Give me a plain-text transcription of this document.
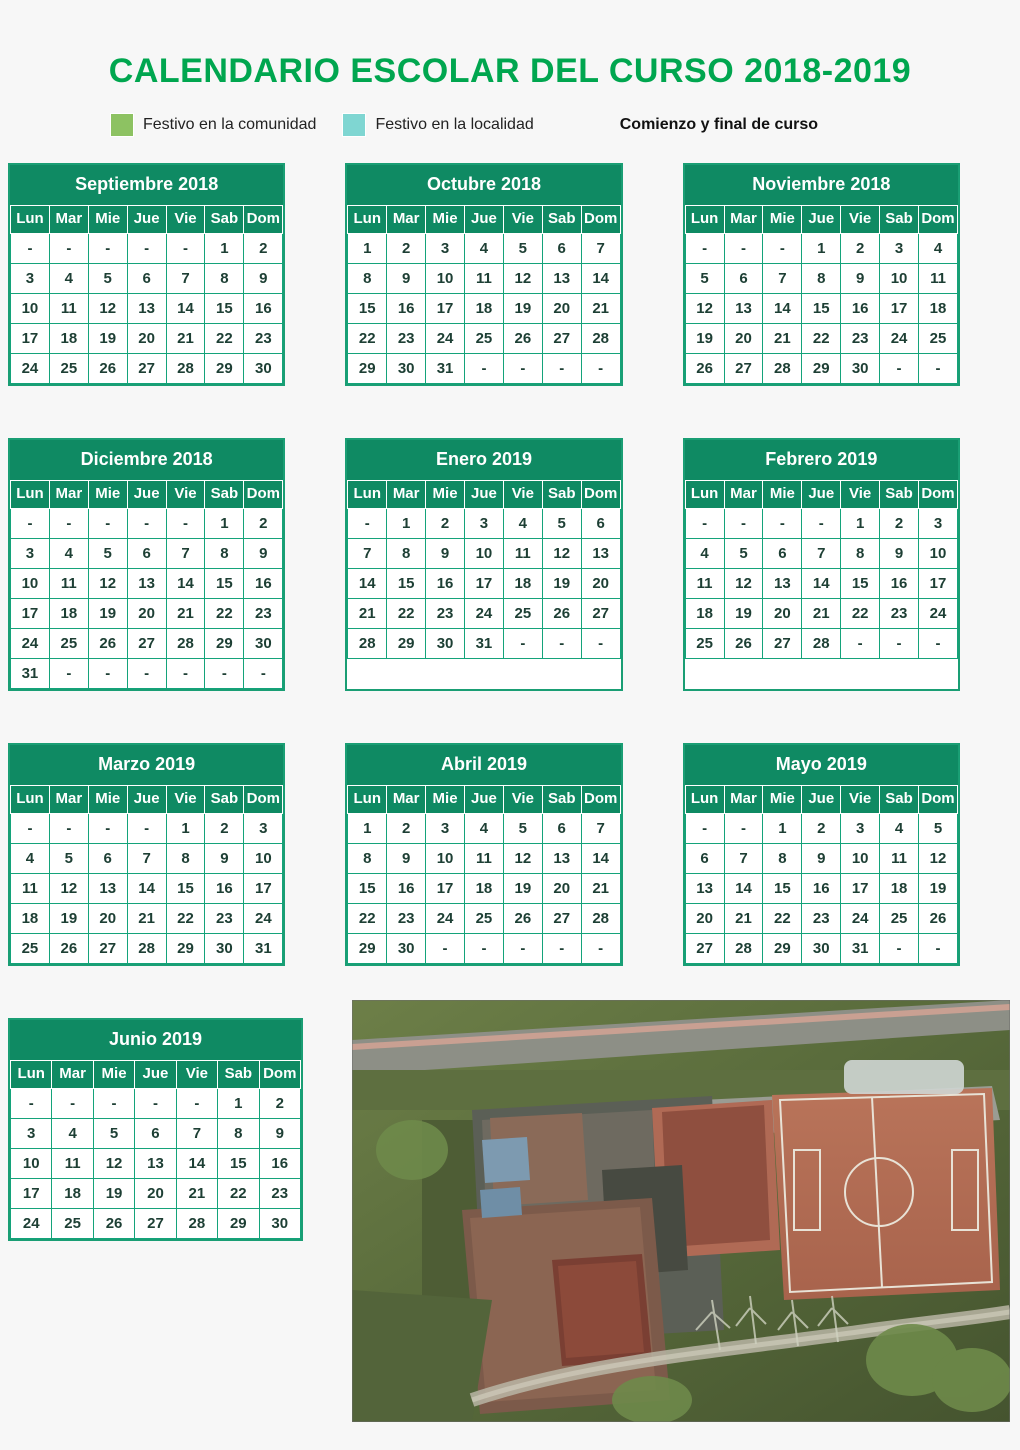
CALENDARIO ESCOLAR DEL CURSO 2018-2019
Festivo en la comunidad	Festivo en la localidad	Comienzo y final de curso
Septiembre 2018
Lun	Mar	Mie	Jue	Vie	Sab	Dom
-	-	-	-	-	1	2
3	4	5	6	7	8	9
10	11	12	13	14	15	16
17	18	19	20	21	22	23
24	25	26	27	28	29	30
Octubre 2018
Lun	Mar	Mie	Jue	Vie	Sab	Dom
1	2	3	4	5	6	7
8	9	10	11	12	13	14
15	16	17	18	19	20	21
22	23	24	25	26	27	28
29	30	31	-	-	-	-
Noviembre 2018
Lun	Mar	Mie	Jue	Vie	Sab	Dom
-	-	-	1	2	3	4
5	6	7	8	9	10	11
12	13	14	15	16	17	18
19	20	21	22	23	24	25
26	27	28	29	30	-	-
Diciembre 2018
Lun	Mar	Mie	Jue	Vie	Sab	Dom
-	-	-	-	-	1	2
3	4	5	6	7	8	9
10	11	12	13	14	15	16
17	18	19	20	21	22	23
24	25	26	27	28	29	30
31	-	-	-	-	-	-
Enero 2019
Lun	Mar	Mie	Jue	Vie	Sab	Dom
-	1	2	3	4	5	6
7	8	9	10	11	12	13
14	15	16	17	18	19	20
21	22	23	24	25	26	27
28	29	30	31	-	-	-
Febrero 2019
Lun	Mar	Mie	Jue	Vie	Sab	Dom
-	-	-	-	1	2	3
4	5	6	7	8	9	10
11	12	13	14	15	16	17
18	19	20	21	22	23	24
25	26	27	28	-	-	-
Marzo 2019
Lun	Mar	Mie	Jue	Vie	Sab	Dom
-	-	-	-	1	2	3
4	5	6	7	8	9	10
11	12	13	14	15	16	17
18	19	20	21	22	23	24
25	26	27	28	29	30	31
Abril 2019
Lun	Mar	Mie	Jue	Vie	Sab	Dom
1	2	3	4	5	6	7
8	9	10	11	12	13	14
15	16	17	18	19	20	21
22	23	24	25	26	27	28
29	30	-	-	-	-	-
Mayo 2019
Lun	Mar	Mie	Jue	Vie	Sab	Dom
-	-	1	2	3	4	5
6	7	8	9	10	11	12
13	14	15	16	17	18	19
20	21	22	23	24	25	26
27	28	29	30	31	-	-
Junio 2019
Lun	Mar	Mie	Jue	Vie	Sab	Dom
-	-	-	-	-	1	2
3	4	5	6	7	8	9
10	11	12	13	14	15	16
17	18	19	20	21	22	23
24	25	26	27	28	29	30
